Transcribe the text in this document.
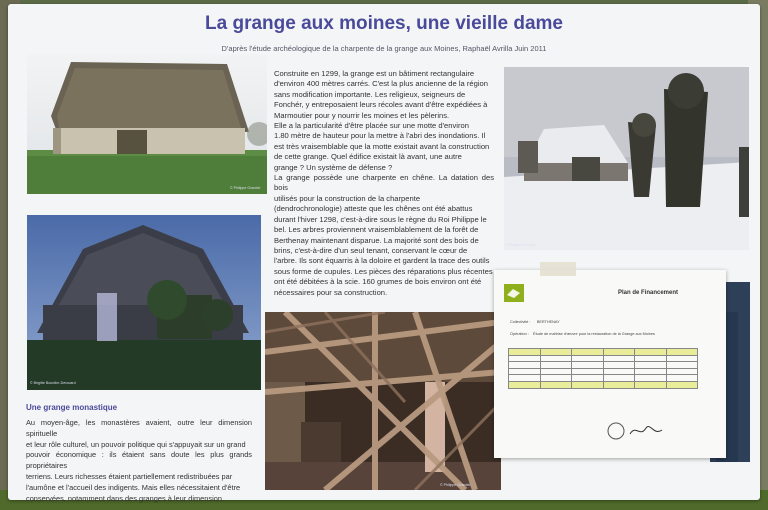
La grange aux moines, une vieille dame
D'après l'étude archéologique de la charpente de la grange aux Moines, Raphaël Avrilla Juin 2011
© Philippe Grandet
© Brigitte Bourdier-Derouard
© Philippe Grandet
© Philippe Grandet
Construite en 1299, la grange est un bâtiment rectangulaire
d'environ 400 mètres carrés. C'est la plus ancienne de la région
sans modification importante. Les religieux, seigneurs de
Fonchér, y entreposaient leurs récoles avant d'être expédiées à
Marmoutier pour y nourrir les moines et les pèlerins.
Elle a la particularité d'être placée sur une motte d'environ
1.80 mètre de hauteur pour la mettre à l'abri des inondations. Il
est très vraisemblable que la motte existait avant la construction
de cette grange. Quel édifice existait là avant, une autre
grange ? Un système de défense ?
La grange possède une charpente en chêne. La datation des bois
utilisés pour la construction de la charpente
(dendrochronologie) atteste que les chênes ont été abattus
durant l'hiver 1298, c'est-à-dire sous le règne du Roi Philippe le
bel. Les arbres proviennent vraisemblablement de la forêt de
Berthenay maintenant disparue. La majorité sont des bois de
brins, c'est-à-dire d'un seul tenant, conservant le cœur de
l'arbre. Ils sont équarris à la doloire et gardent la trace des outils
sous forme de cupules. Les pièces des réparations plus récentes
ont été débitées à la scie. 160 grumes de bois environ ont été
nécessaires pour sa construction.
Une grange monastique
Au moyen-âge, les monastères avaient, outre leur dimension spirituelle
et leur rôle culturel, un pouvoir politique qui s'appuyait sur un grand
pouvoir économique : ils étaient sans doute les plus grands propriétaires
terriens. Leurs richesses étaient partiellement redistribuées par
l'aumône et l'accueil des indigents. Mais elles nécessitaient d'être
conservées, notamment dans des granges à leur dimension.
Plan de Financement
Collectivité : BERTHENAY
Opération : Étude de maîtrise d'œuvre pour la restauration de la Grange aux Moines
